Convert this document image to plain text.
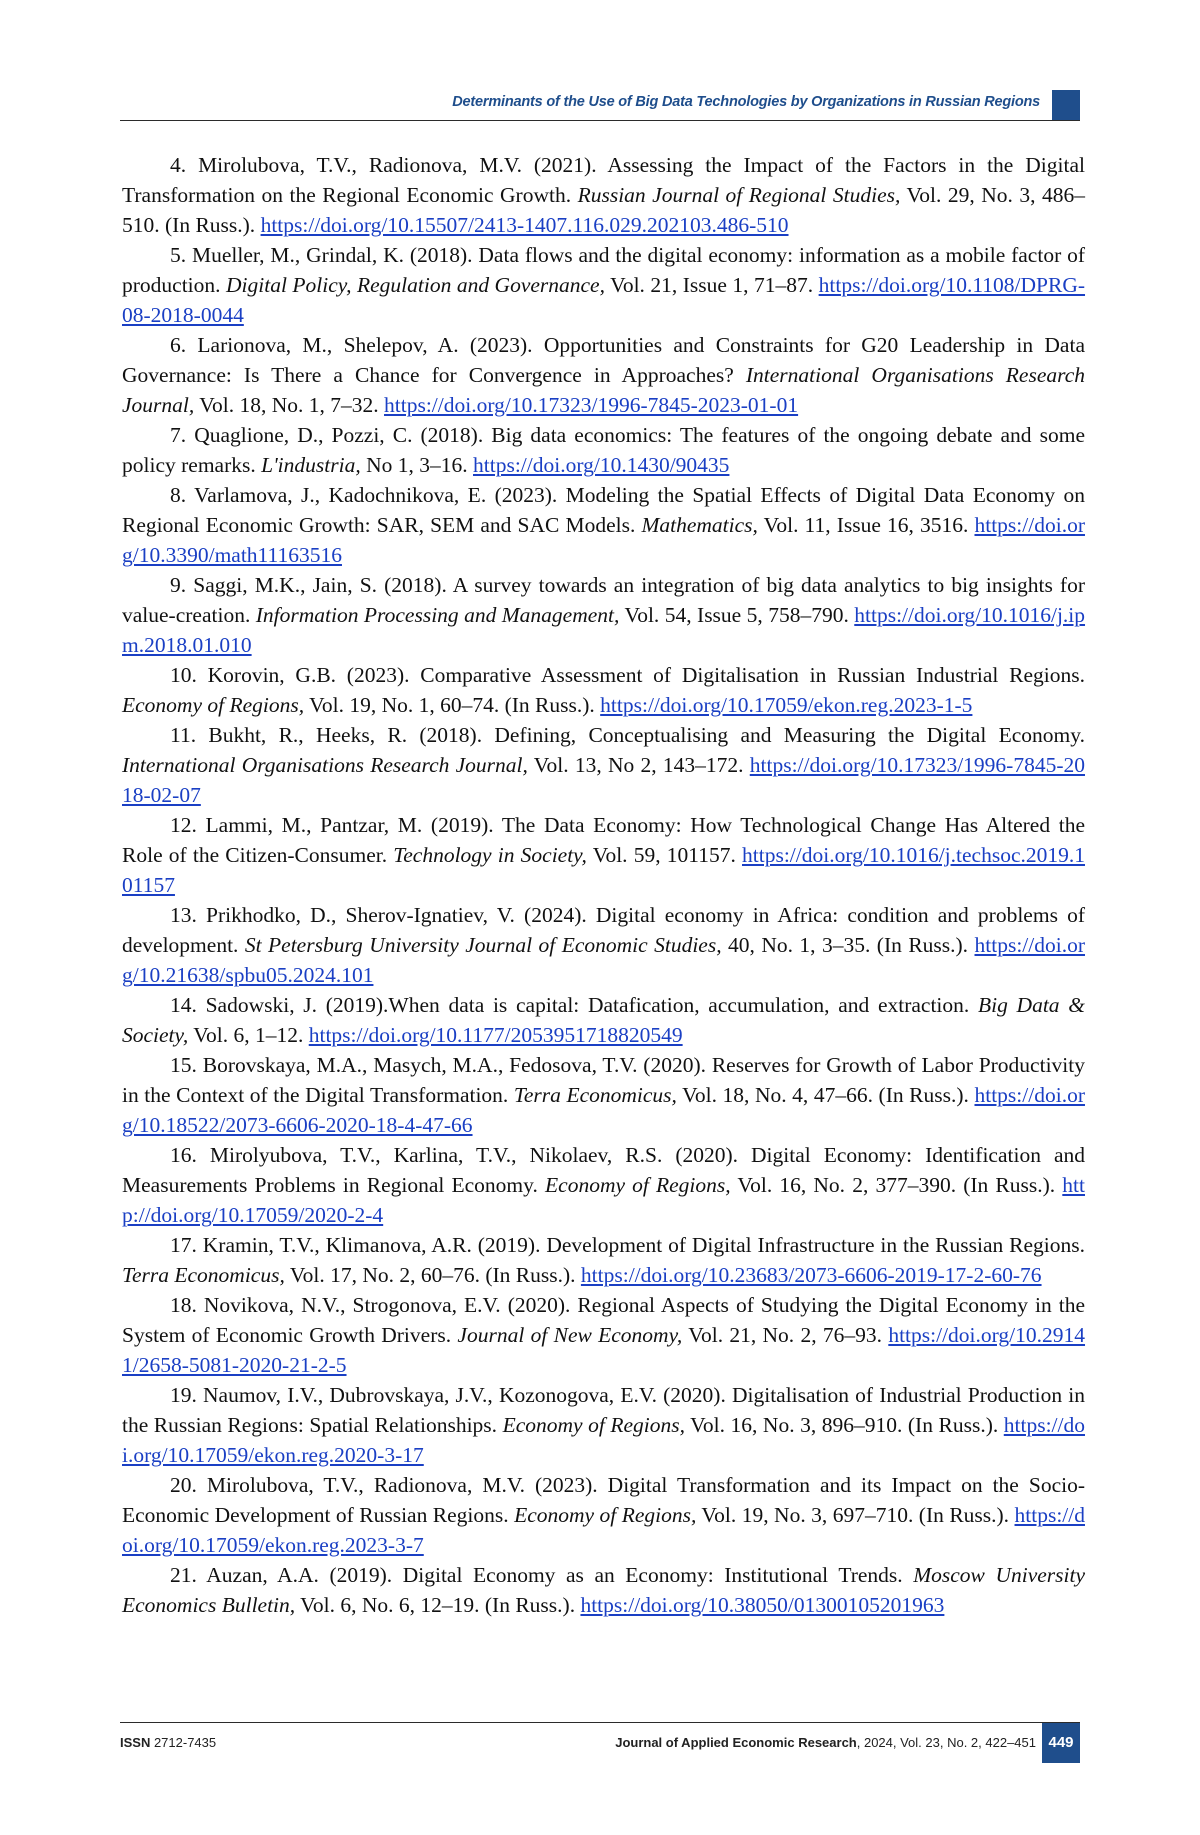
Determinants of the Use of Big Data Technologies by Organizations in Russian Regions

4. Mirolubova, T.V., Radionova, M.V. (2021). Assessing the Impact of the Factors in the Digital Transformation on the Regional Economic Growth. Russian Journal of Regional Studies, Vol. 29, No. 3, 486–510. (In Russ.). https://doi.org/10.15507/2413-1407.116.029.202103.486-510

5. Mueller, M., Grindal, K. (2018). Data flows and the digital economy: information as a mobile factor of production. Digital Policy, Regulation and Governance, Vol. 21, Issue 1, 71–87. https://doi.org/10.1108/DPRG-08-2018-0044

6. Larionova, M., Shelepov, A. (2023). Opportunities and Constraints for G20 Leadership in Data Governance: Is There a Chance for Convergence in Approaches? International Organisations Research Journal, Vol. 18, No. 1, 7–32. https://doi.org/10.17323/1996-7845-2023-01-01

7. Quaglione, D., Pozzi, C. (2018). Big data economics: The features of the ongoing debate and some policy remarks. L'industria, No 1, 3–16. https://doi.org/10.1430/90435

8. Varlamova, J., Kadochnikova, E. (2023). Modeling the Spatial Effects of Digital Data Economy on Regional Economic Growth: SAR, SEM and SAC Models. Mathematics, Vol. 11, Issue 16, 3516. https://doi.org/10.3390/math11163516

9. Saggi, M.K., Jain, S. (2018). A survey towards an integration of big data analytics to big insights for value-creation. Information Processing and Management, Vol. 54, Issue 5, 758–790. https://doi.org/10.1016/j.ipm.2018.01.010

10. Korovin, G.B. (2023). Comparative Assessment of Digitalisation in Russian Industrial Regions. Economy of Regions, Vol. 19, No. 1, 60–74. (In Russ.). https://doi.org/10.17059/ekon.reg.2023-1-5

11. Bukht, R., Heeks, R. (2018). Defining, Conceptualising and Measuring the Digital Economy. International Organisations Research Journal, Vol. 13, No 2, 143–172. https://doi.org/10.17323/1996-7845-2018-02-07

12. Lammi, M., Pantzar, M. (2019). The Data Economy: How Technological Change Has Altered the Role of the Citizen-Consumer. Technology in Society, Vol. 59, 101157. https://doi.org/10.1016/j.techsoc.2019.101157

13. Prikhodko, D., Sherov-Ignatiev, V. (2024). Digital economy in Africa: condition and problems of development. St Petersburg University Journal of Economic Studies, 40, No. 1, 3–35. (In Russ.). https://doi.org/10.21638/spbu05.2024.101

14. Sadowski, J. (2019).When data is capital: Datafication, accumulation, and extraction. Big Data & Society, Vol. 6, 1–12. https://doi.org/10.1177/2053951718820549

15. Borovskaya, M.A., Masych, M.A., Fedosova, T.V. (2020). Reserves for Growth of Labor Productivity in the Context of the Digital Transformation. Terra Economicus, Vol. 18, No. 4, 47–66. (In Russ.). https://doi.org/10.18522/2073-6606-2020-18-4-47-66

16. Mirolyubova, T.V., Karlina, T.V., Nikolaev, R.S. (2020). Digital Economy: Identification and Measurements Problems in Regional Economy. Economy of Regions, Vol. 16, No. 2, 377–390. (In Russ.). http://doi.org/10.17059/2020-2-4

17. Kramin, T.V., Klimanova, A.R. (2019). Development of Digital Infrastructure in the Russian Regions. Terra Economicus, Vol. 17, No. 2, 60–76. (In Russ.). https://doi.org/10.23683/2073-6606-2019-17-2-60-76

18. Novikova, N.V., Strogonova, E.V. (2020). Regional Aspects of Studying the Digital Economy in the System of Economic Growth Drivers. Journal of New Economy, Vol. 21, No. 2, 76–93. https://doi.org/10.29141/2658-5081-2020-21-2-5

19. Naumov, I.V., Dubrovskaya, J.V., Kozonogova, E.V. (2020). Digitalisation of Industrial Production in the Russian Regions: Spatial Relationships. Economy of Regions, Vol. 16, No. 3, 896–910. (In Russ.). https://doi.org/10.17059/ekon.reg.2020-3-17

20. Mirolubova, T.V., Radionova, M.V. (2023). Digital Transformation and its Impact on the Socio-Economic Development of Russian Regions. Economy of Regions, Vol. 19, No. 3, 697–710. (In Russ.). https://doi.org/10.17059/ekon.reg.2023-3-7

21. Auzan, A.A. (2019). Digital Economy as an Economy: Institutional Trends. Moscow University Economics Bulletin, Vol. 6, No. 6, 12–19. (In Russ.). https://doi.org/10.38050/01300105201963

ISSN 2712-7435	Journal of Applied Economic Research, 2024, Vol. 23, No. 2, 422–451 449
